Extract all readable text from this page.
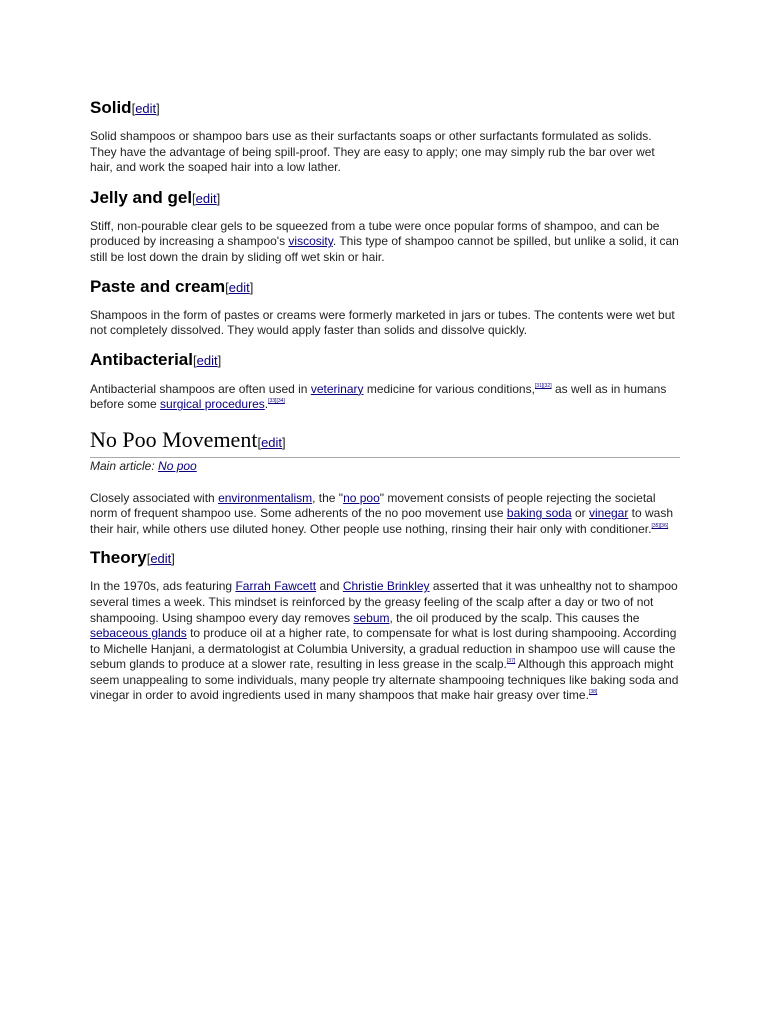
Solid[edit]

Solid shampoos or shampoo bars use as their surfactants soaps or other surfactants formulated as solids. They have the advantage of being spill-proof. They are easy to apply; one may simply rub the bar over wet hair, and work the soaped hair into a low lather.

Jelly and gel[edit]

Stiff, non-pourable clear gels to be squeezed from a tube were once popular forms of shampoo, and can be produced by increasing a shampoo's viscosity. This type of shampoo cannot be spilled, but unlike a solid, it can still be lost down the drain by sliding off wet skin or hair.

Paste and cream[edit]

Shampoos in the form of pastes or creams were formerly marketed in jars or tubes. The contents were wet but not completely dissolved. They would apply faster than solids and dissolve quickly.

Antibacterial[edit]

Antibacterial shampoos are often used in veterinary medicine for various conditions,[31][32] as well as in humans before some surgical procedures.[33][34]

No Poo Movement[edit]

Main article: No poo

Closely associated with environmentalism, the "no poo" movement consists of people rejecting the societal norm of frequent shampoo use. Some adherents of the no poo movement use baking soda or vinegar to wash their hair, while others use diluted honey. Other people use nothing, rinsing their hair only with conditioner.[35][36]

Theory[edit]

In the 1970s, ads featuring Farrah Fawcett and Christie Brinkley asserted that it was unhealthy not to shampoo several times a week. This mindset is reinforced by the greasy feeling of the scalp after a day or two of not shampooing. Using shampoo every day removes sebum, the oil produced by the scalp. This causes the sebaceous glands to produce oil at a higher rate, to compensate for what is lost during shampooing. According to Michelle Hanjani, a dermatologist at Columbia University, a gradual reduction in shampoo use will cause the sebum glands to produce at a slower rate, resulting in less grease in the scalp.[37] Although this approach might seem unappealing to some individuals, many people try alternate shampooing techniques like baking soda and vinegar in order to avoid ingredients used in many shampoos that make hair greasy over time.[38]
